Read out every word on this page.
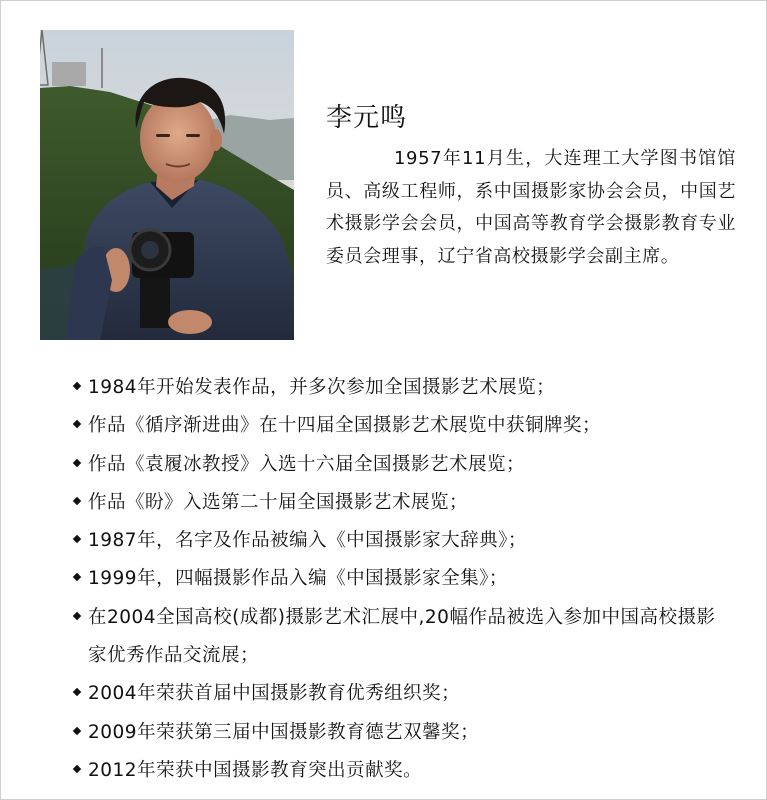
李元鸣
1957年11月生，大连理工大学图书馆馆员、高级工程师，系中国摄影家协会会员，中国艺术摄影学会会员，中国高等教育学会摄影教育专业委员会理事，辽宁省高校摄影学会副主席。
1984年开始发表作品，并多次参加全国摄影艺术展览；
作品《循序渐进曲》在十四届全国摄影艺术展览中获铜牌奖；
作品《袁履冰教授》入选十六届全国摄影艺术展览；
作品《盼》入选第二十届全国摄影艺术展览；
1987年，名字及作品被编入《中国摄影家大辞典》；
1999年，四幅摄影作品入编《中国摄影家全集》；
在2004全国高校(成都)摄影艺术汇展中,20幅作品被选入参加中国高校摄影家优秀作品交流展；
2004年荣获首届中国摄影教育优秀组织奖；
2009年荣获第三届中国摄影教育德艺双馨奖；
2012年荣获中国摄影教育突出贡献奖。
